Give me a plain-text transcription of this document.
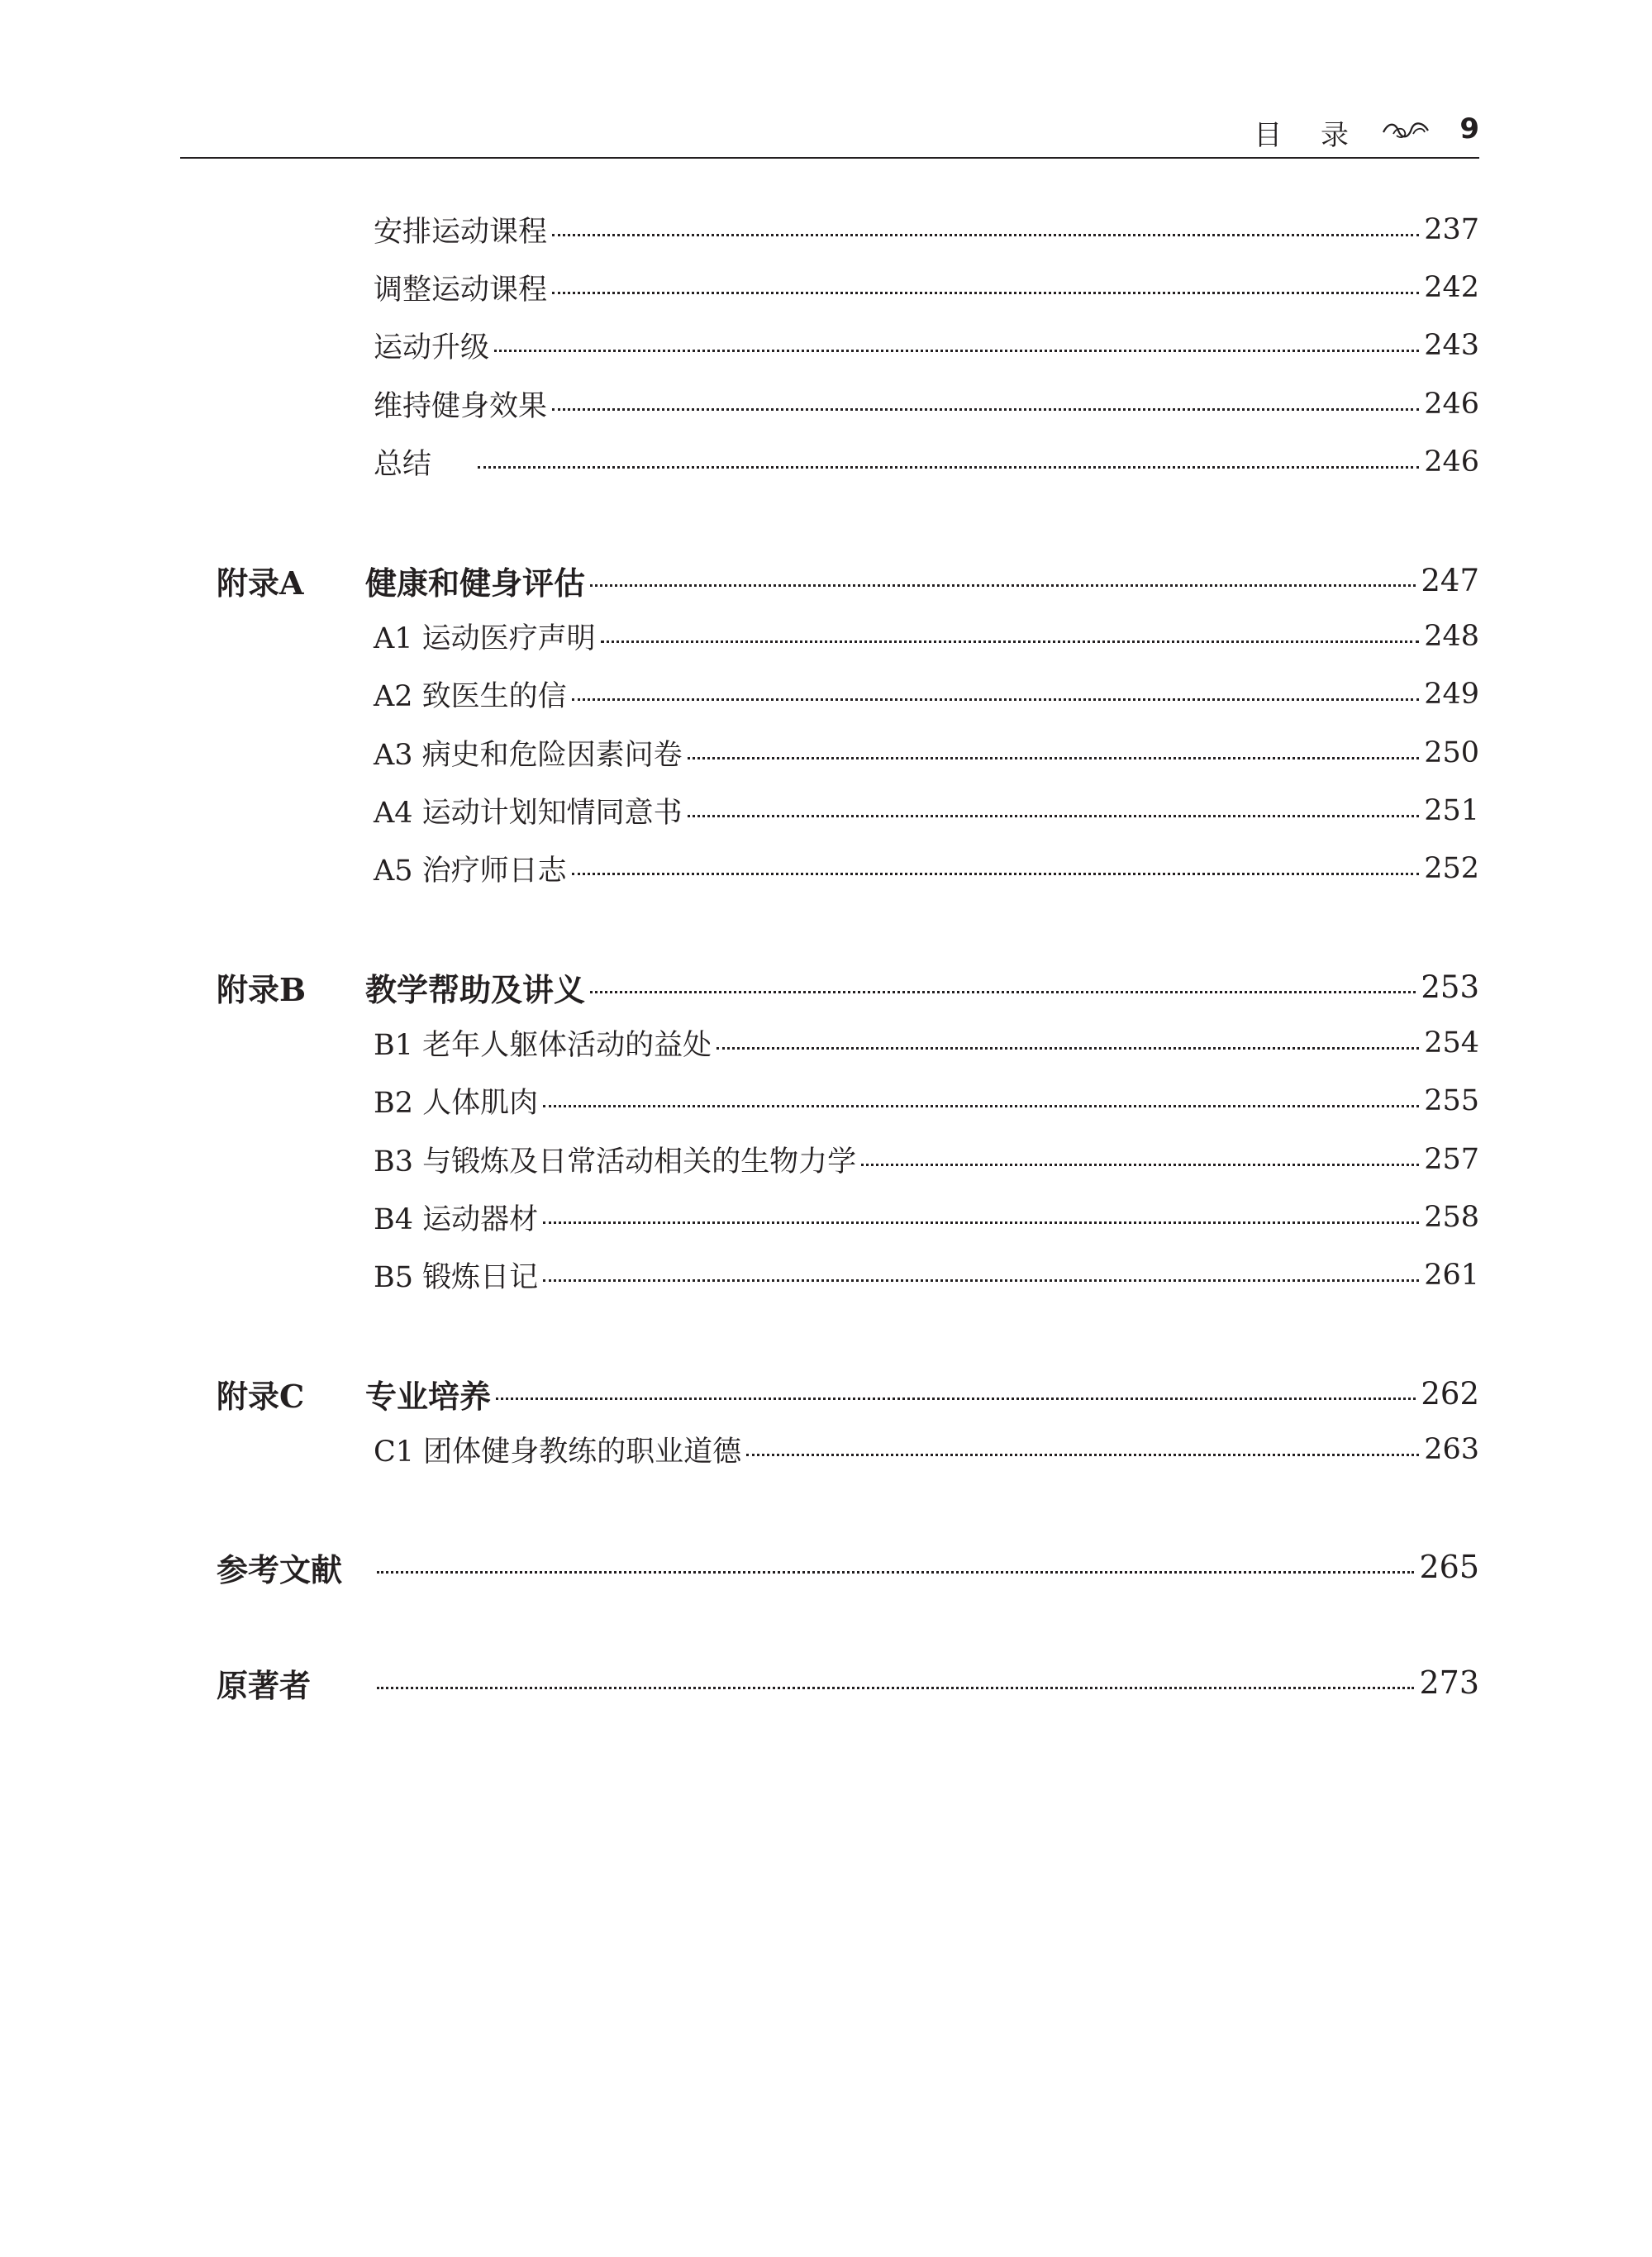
目 录	9
安排运动课程	237
调整运动课程	242
运动升级	243
维持健身效果	246
总结	246
附录A	健康和健身评估	247
A1 运动医疗声明	248
A2 致医生的信	249
A3 病史和危险因素问卷	250
A4 运动计划知情同意书	251
A5 治疗师日志	252
附录B	教学帮助及讲义	253
B1 老年人躯体活动的益处	254
B2 人体肌肉	255
B3 与锻炼及日常活动相关的生物力学	257
B4 运动器材	258
B5 锻炼日记	261
附录C	专业培养	262
C1 团体健身教练的职业道德	263
参考文献	265
原著者	273
